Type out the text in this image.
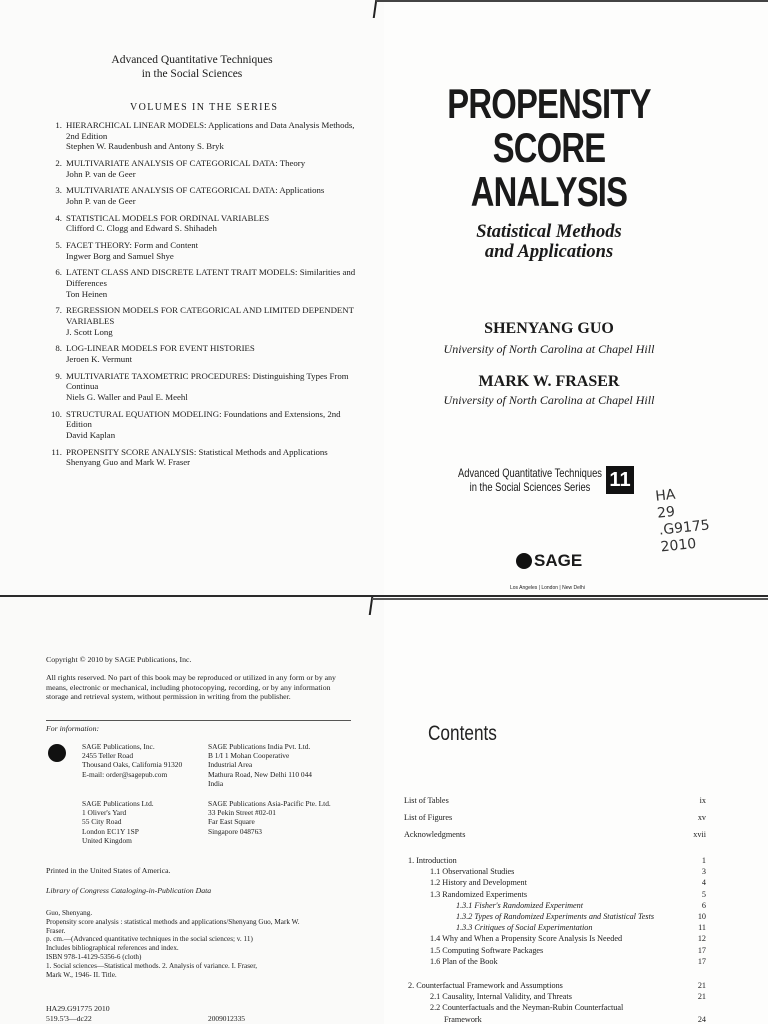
Advanced Quantitative Techniques
in the Social Sciences
VOLUMES IN THE SERIES
1. HIERARCHICAL LINEAR MODELS: Applications and Data Analysis Methods, 2nd Edition
Stephen W. Raudenbush and Antony S. Bryk
2. MULTIVARIATE ANALYSIS OF CATEGORICAL DATA: Theory
John P. van de Geer
3. MULTIVARIATE ANALYSIS OF CATEGORICAL DATA: Applications
John P. van de Geer
4. STATISTICAL MODELS FOR ORDINAL VARIABLES
Clifford C. Clogg and Edward S. Shihadeh
5. FACET THEORY: Form and Content
Ingwer Borg and Samuel Shye
6. LATENT CLASS AND DISCRETE LATENT TRAIT MODELS: Similarities and Differences
Ton Heinen
7. REGRESSION MODELS FOR CATEGORICAL AND LIMITED DEPENDENT VARIABLES
J. Scott Long
8. LOG-LINEAR MODELS FOR EVENT HISTORIES
Jeroen K. Vermunt
9. MULTIVARIATE TAXOMETRIC PROCEDURES: Distinguishing Types From Continua
Niels G. Waller and Paul E. Meehl
10. STRUCTURAL EQUATION MODELING: Foundations and Extensions, 2nd Edition
David Kaplan
11. PROPENSITY SCORE ANALYSIS: Statistical Methods and Applications
Shenyang Guo and Mark W. Fraser
PROPENSITY
SCORE
ANALYSIS
Statistical Methods
and Applications
SHENYANG GUO
University of North Carolina at Chapel Hill
MARK W. FRASER
University of North Carolina at Chapel Hill
Advanced Quantitative Techniques
in the Social Sciences Series 11
HA
29
.G9175
2010
SAGE
Los Angeles | London | New Delhi
Copyright © 2010 by SAGE Publications, Inc.
All rights reserved. No part of this book may be reproduced or utilized in any form or by any means, electronic or mechanical, including photocopying, recording, or by any information storage and retrieval system, without permission in writing from the publisher.
For information:
SAGE Publications, Inc.
2455 Teller Road
Thousand Oaks, California 91320
E-mail: order@sagepub.com
SAGE Publications India Pvt. Ltd.
B 1/I 1 Mohan Cooperative
Industrial Area
Mathura Road, New Delhi 110 044
India
SAGE Publications Ltd.
1 Oliver's Yard
55 City Road
London EC1Y 1SP
United Kingdom
SAGE Publications Asia-Pacific Pte. Ltd.
33 Pekin Street #02-01
Far East Square
Singapore 048763
Printed in the United States of America.
Library of Congress Cataloging-in-Publication Data
Guo, Shenyang.
Propensity score analysis : statistical methods and applications/Shenyang Guo, Mark W.
Fraser.
p. cm.—(Advanced quantitative techniques in the social sciences; v. 11)
Includes bibliographical references and index.
ISBN 978-1-4129-5356-6 (cloth)
1. Social sciences—Statistical methods. 2. Analysis of variance. I. Fraser,
Mark W., 1946- II. Title.
HA29.G91775 2010
519.5'3—dc22	2009012335
Contents
List of Tables	ix
List of Figures	xv
Acknowledgments	xvii
1. Introduction	1
1.1 Observational Studies	3
1.2 History and Development	4
1.3 Randomized Experiments	5
1.3.1 Fisher's Randomized Experiment	6
1.3.2 Types of Randomized Experiments and Statistical Tests	10
1.3.3 Critiques of Social Experimentation	11
1.4 Why and When a Propensity Score Analysis Is Needed	12
1.5 Computing Software Packages	17
1.6 Plan of the Book	17
2. Counterfactual Framework and Assumptions	21
2.1 Causality, Internal Validity, and Threats	21
2.2 Counterfactuals and the Neyman-Rubin Counterfactual
Framework	24
